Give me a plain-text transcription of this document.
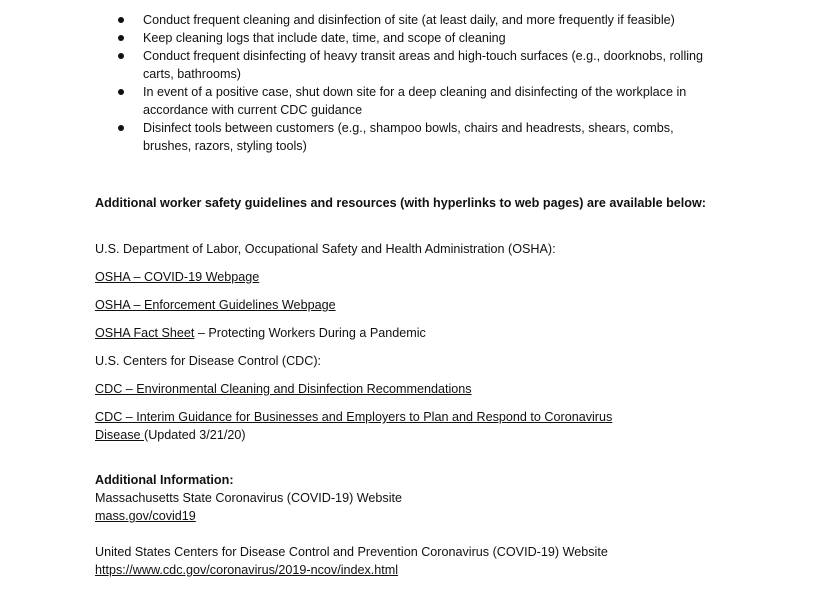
Conduct frequent cleaning and disinfection of site (at least daily, and more frequently if feasible)
Keep cleaning logs that include date, time, and scope of cleaning
Conduct frequent disinfecting of heavy transit areas and high-touch surfaces (e.g., doorknobs, rolling carts, bathrooms)
In event of a positive case, shut down site for a deep cleaning and disinfecting of the workplace in accordance with current CDC guidance
Disinfect tools between customers (e.g., shampoo bowls, chairs and headrests, shears, combs, brushes, razors, styling tools)
Additional worker safety guidelines and resources (with hyperlinks to web pages) are available below:
U.S. Department of Labor, Occupational Safety and Health Administration (OSHA):
OSHA – COVID-19 Webpage
OSHA – Enforcement Guidelines Webpage
OSHA Fact Sheet – Protecting Workers During a Pandemic
U.S. Centers for Disease Control (CDC):
CDC – Environmental Cleaning and Disinfection Recommendations
CDC – Interim Guidance for Businesses and Employers to Plan and Respond to Coronavirus
Disease (Updated 3/21/20)
Additional Information:
Massachusetts State Coronavirus (COVID-19) Website
mass.gov/covid19
United States Centers for Disease Control and Prevention Coronavirus (COVID-19) Website
https://www.cdc.gov/coronavirus/2019-ncov/index.html
